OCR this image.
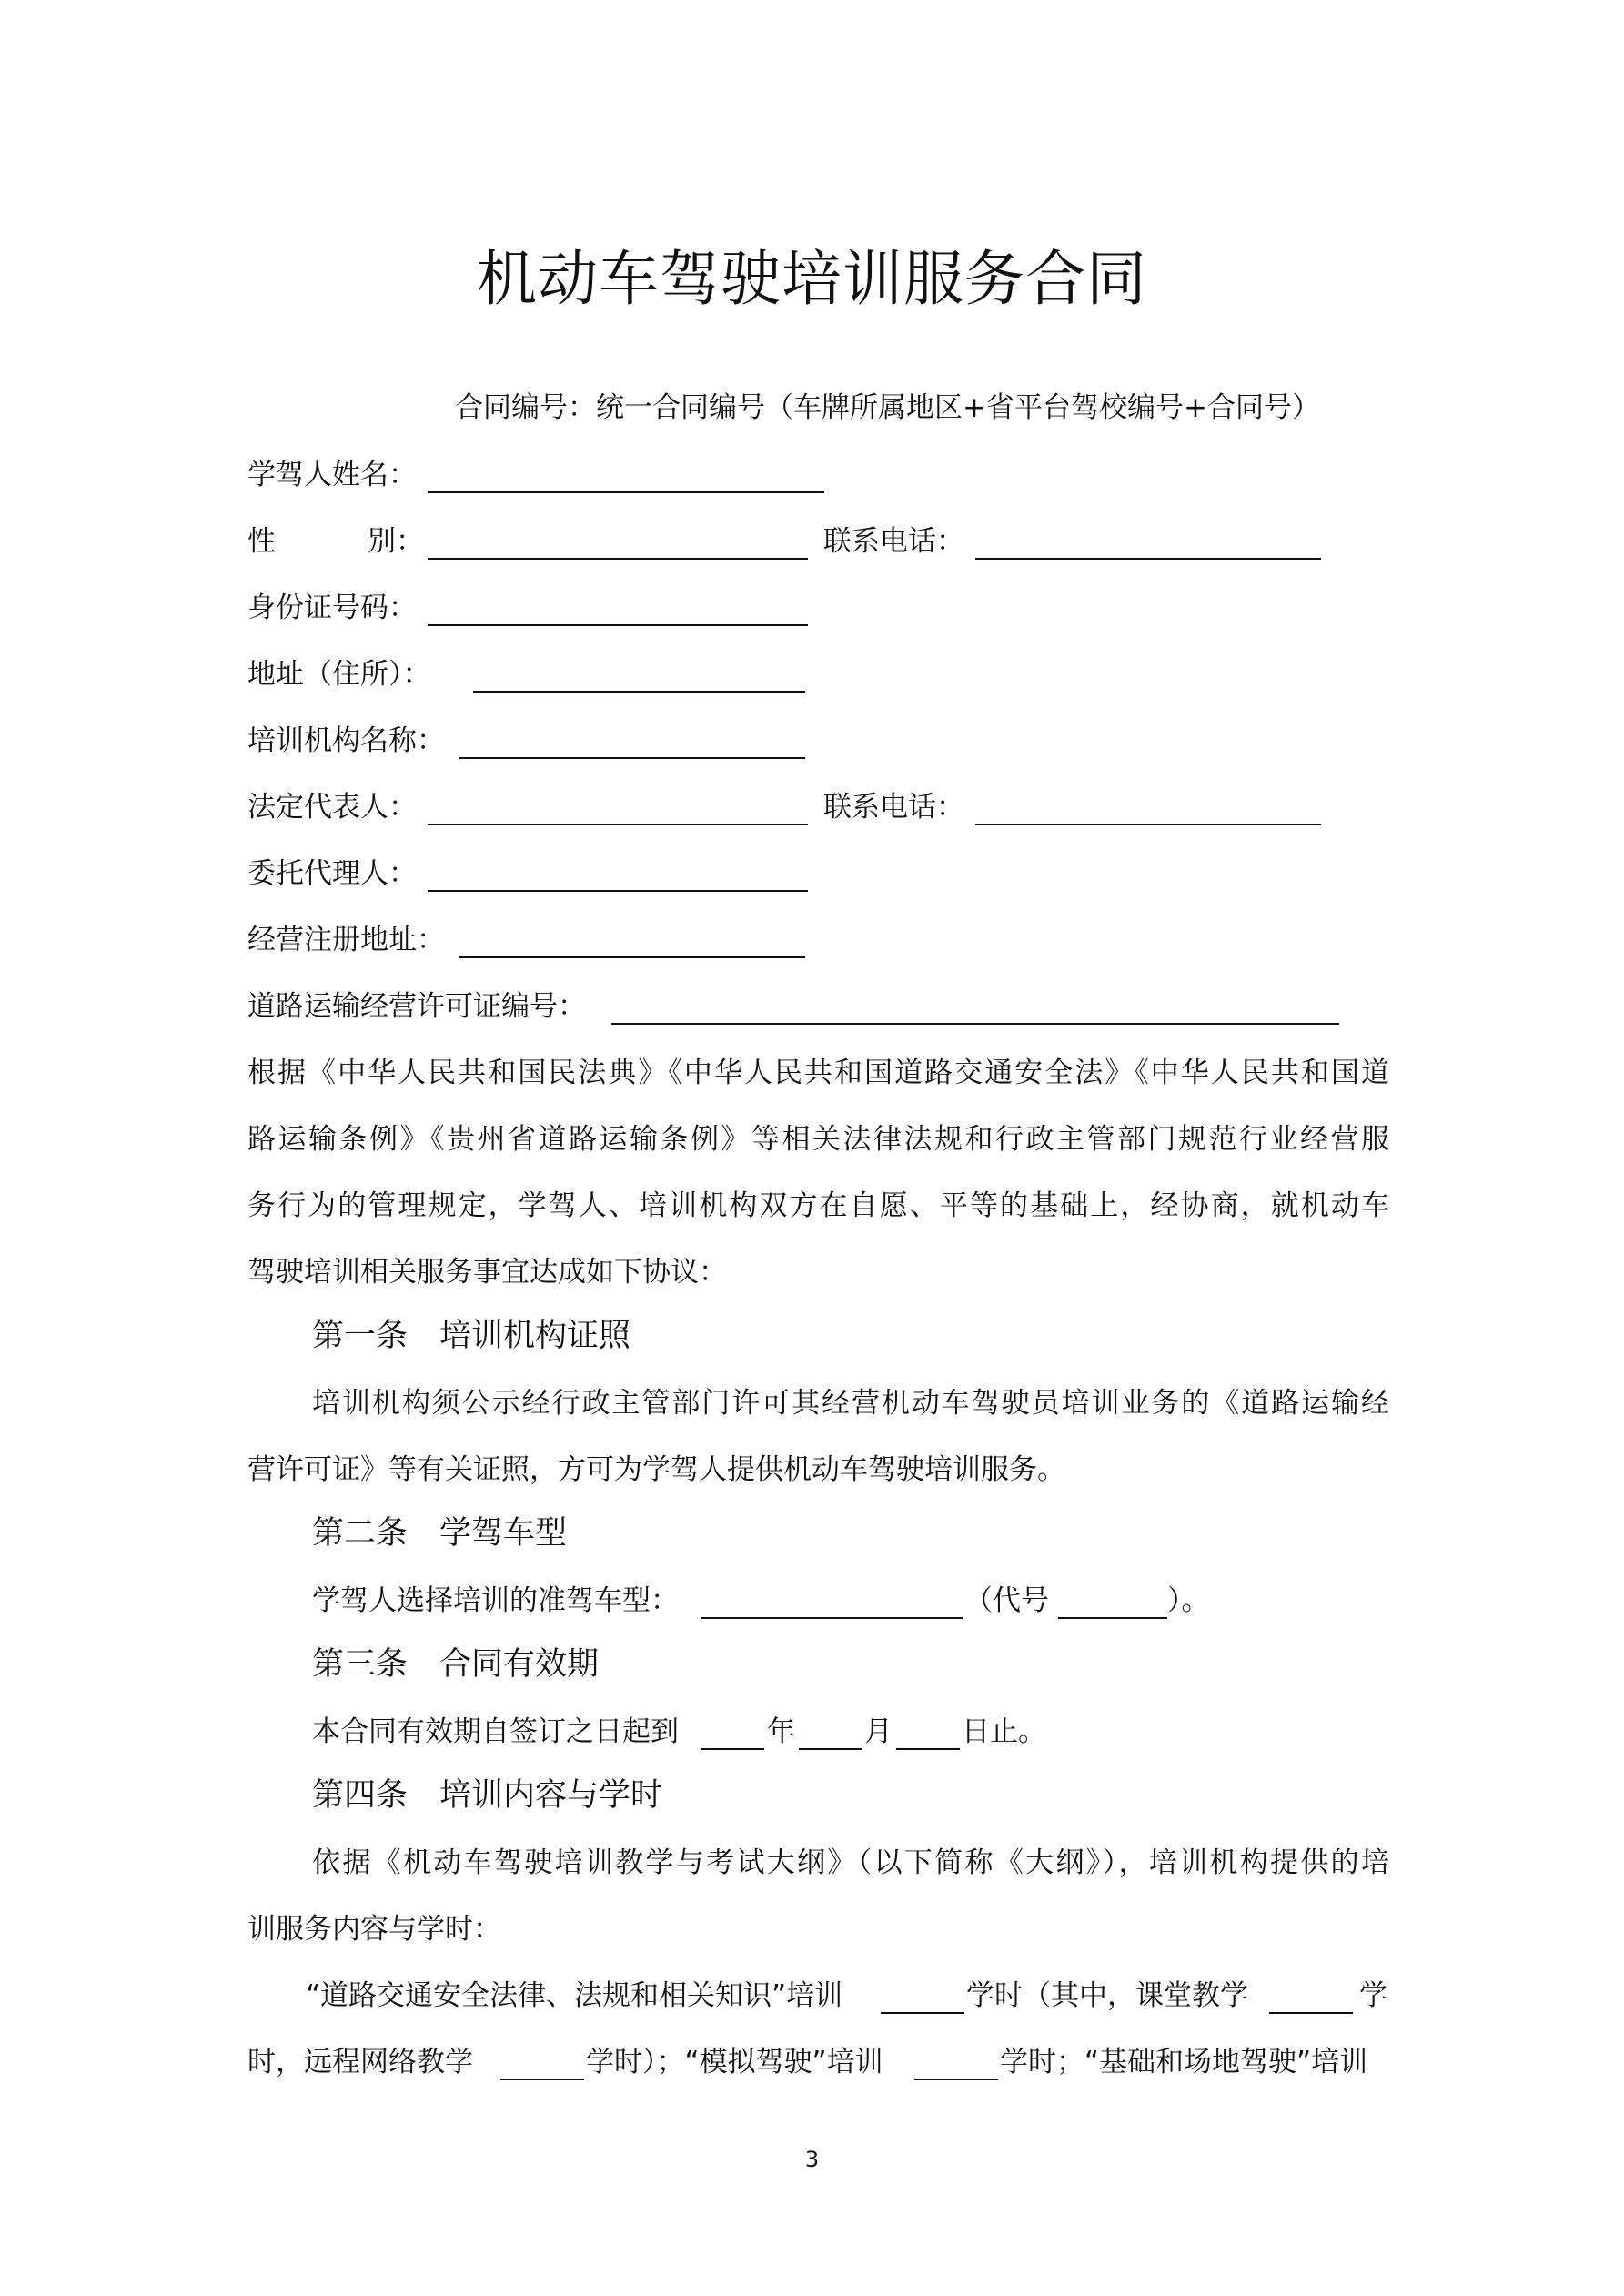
机动车驾驶培训服务合同
合同编号：统一合同编号（车牌所属地区+省平台驾校编号+合同号）
学驾人姓名：
性	别：	联系电话：
身份证号码：
地址（住所）：
培训机构名称：
法定代表人：	联系电话：
委托代理人：
经营注册地址：
道路运输经营许可证编号：
根据《中华人民共和国民法典》《中华人民共和国道路交通安全法》《中华人民共和国道
路运输条例》《贵州省道路运输条例》等相关法律法规和行政主管部门规范行业经营服
务行为的管理规定，学驾人、培训机构双方在自愿、平等的基础上，经协商，就机动车
驾驶培训相关服务事宜达成如下协议：
第一条　培训机构证照
培训机构须公示经行政主管部门许可其经营机动车驾驶员培训业务的《道路运输经
营许可证》等有关证照，方可为学驾人提供机动车驾驶培训服务。
第二条　学驾车型
学驾人选择培训的准驾车型：	（代号	）。
第三条　合同有效期
本合同有效期自签订之日起到	年 月 日止。
第四条　培训内容与学时
依据《机动车驾驶培训教学与考试大纲》（以下简称《大纲》），培训机构提供的培
训服务内容与学时：
“道路交通安全法律、法规和相关知识”培训	学时（其中，课堂教学	学
时，远程网络教学	学时）；“模拟驾驶”培训	学时；“基础和场地驾驶”培训
3
